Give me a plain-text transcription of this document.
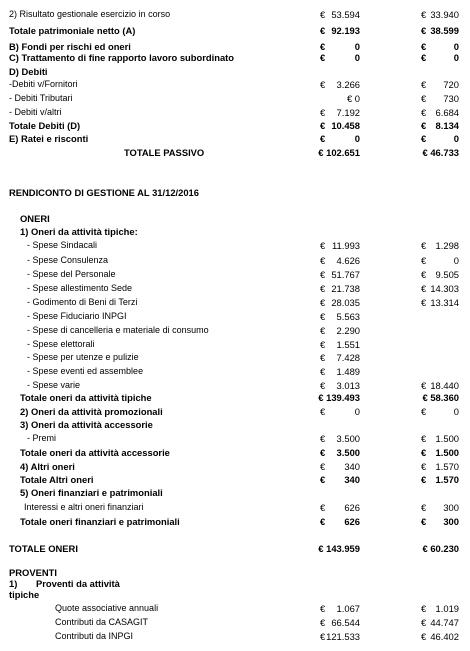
2) Risultato gestionale esercizio in corso	€ 53.594	€ 33.940
Totale patrimoniale netto (A)	€ 92.193	€ 38.599
B) Fondi per rischi ed oneri	€	0	€	0
C) Trattamento di fine rapporto lavoro subordinato	€	0	€	0
D) Debiti
-Debiti v/Fornitori	€	3.266	€	720
- Debiti Tributari	€ 0	€	730
- Debiti v/altri	€	7.192	€ 6.684
Totale Debiti (D)	€ 10.458	€ 8.134
E) Ratei e risconti	€	0	€	0
TOTALE PASSIVO	€ 102.651	€ 46.733
RENDICONTO DI GESTIONE AL 31/12/2016
ONERI
1) Oneri da attività tipiche:
- Spese Sindacali	€ 11.993	€ 1.298
- Spese Consulenza	€	4.626	€	0
- Spese del Personale	€ 51.767	€ 9.505
- Spese allestimento Sede	€ 21.738	€ 14.303
- Godimento di Beni di Terzi	€ 28.035	€ 13.314
- Spese Fiduciario INPGI	€	5.563
- Spese di cancelleria e materiale di consumo	€	2.290
- Spese elettorali	€	1.551
- Spese per utenze e pulizie	€	7.428
- Spese eventi ed assemblee	€	1.489
- Spese varie	€	3.013	€ 18.440
Totale oneri da attività tipiche	€ 139.493	€ 58.360
2) Oneri da attività promozionali	€	0	€	0
3) Oneri da attività accessorie
- Premi	€	3.500	€ 1.500
Totale oneri da attività accessorie	€	3.500	€ 1.500
4) Altri oneri	€	340	€ 1.570
Totale Altri oneri	€	340	€ 1.570
5) Oneri finanziari e patrimoniali
Interessi e altri oneri finanziari	€	626	€	300
Totale oneri finanziari e patrimoniali	€	626	€	300
TOTALE ONERI	€ 143.959	€ 60.230
PROVENTI
1) Proventi da attività
tipiche
Quote associative annuali	€	1.067	€ 1.019
Contributi da CASAGIT	€ 66.544	€ 44.747
Contributi da INPGI	€ 121.533	€ 46.402
